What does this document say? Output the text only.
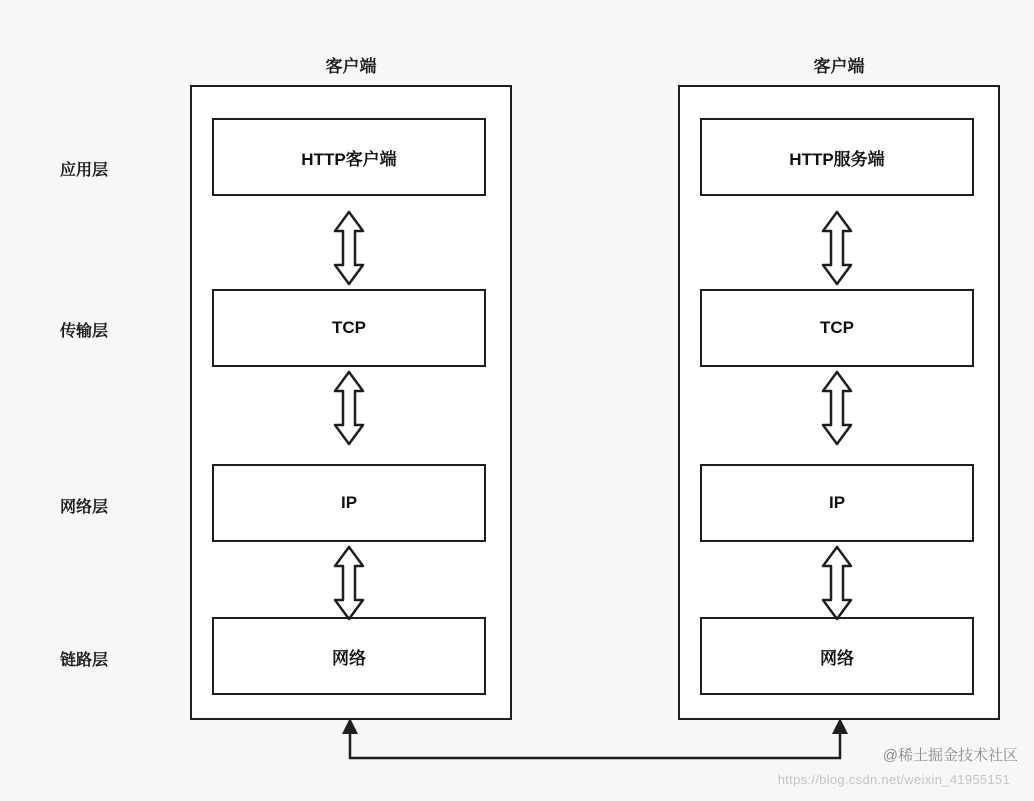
客户端	客户端
应用层
传输层
网络层
链路层
HTTP客户端
TCP
IP
网络
HTTP服务端
TCP
IP
网络
@稀土掘金技术社区
https://blog.csdn.net/weixin_41955151
